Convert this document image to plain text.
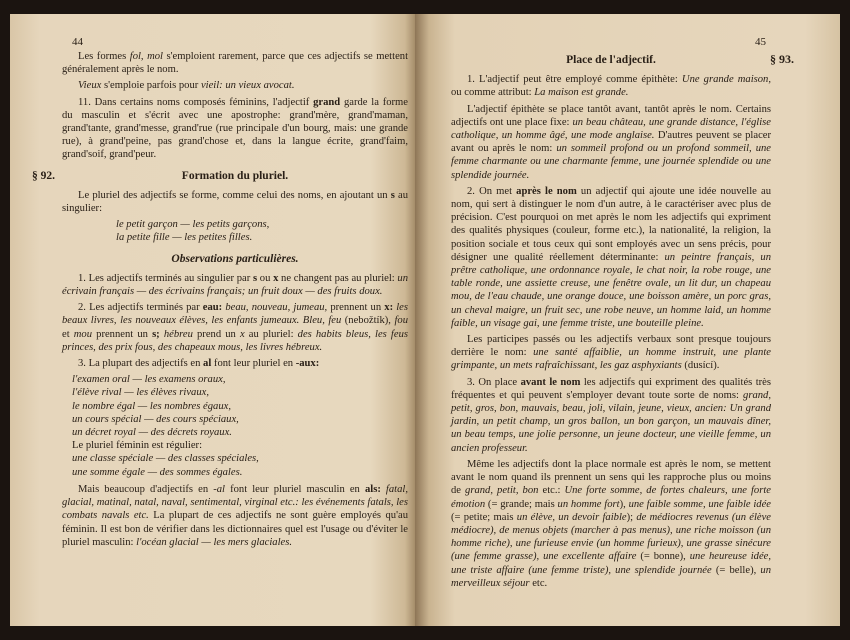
44

Les formes fol, mol s'emploient rarement, parce que ces adjectifs se mettent généralement après le nom.

Vieux s'emploie parfois pour vieil: un vieux avocat.

11. Dans certains noms composés féminins, l'adjectif grand garde la forme du masculin et s'écrit avec une apostrophe: grand'mère, grand'maman, grand'tante, grand'messe, grand'rue (rue principale d'un bourg, mais: une grande rue), à grand'peine, pas grand'chose et, dans la langue écrite, grand'faim, grand'soif, grand'peur.

§ 92.	Formation du pluriel.

Le pluriel des adjectifs se forme, comme celui des noms, en ajoutant un s au singulier:

le petit garçon — les petits garçons,
la petite fille — les petites filles.
Observations particulières.

1. Les adjectifs terminés au singulier par s ou x ne changent pas au pluriel: un écrivain français — des écrivains français; un fruit doux — des fruits doux.

2. Les adjectifs terminés par eau: beau, nouveau, jumeau, prennent un x: les beaux livres, les nouveaux élèves, les enfants jumeaux. Bleu, feu (nebožtík), fou et mou prennent un s; hébreu prend un x au pluriel: des habits bleus, les feus princes, des prix fous, des chapeaux mous, les livres hébreux.

3. La plupart des adjectifs en al font leur pluriel en -aux:

l'examen oral — les examens oraux,
l'élève rival — les élèves rivaux,
le nombre égal — les nombres égaux,
un cours spécial — des cours spéciaux,
un décret royal — des décrets royaux.
Le pluriel féminin est régulier:
une classe spéciale — des classes spéciales,
une somme égale — des sommes égales.

Mais beaucoup d'adjectifs en -al font leur pluriel masculin en als: fatal, glacial, matinal, natal, naval, sentimental, virginal etc.: les événements fatals, les combats navals etc. La plupart de ces adjectifs ne sont guère employés qu'au féminin. Il est bon de vérifier dans les dictionnaires quel est l'usage ou d'éviter le pluriel masculin: l'océan glacial — les mers glaciales.

45
§ 93.
Place de l'adjectif.

1. L'adjectif peut être employé comme épithète: Une grande maison, ou comme attribut: La maison est grande.

L'adjectif épithète se place tantôt avant, tantôt après le nom. Certains adjectifs ont une place fixe: un beau château, une grande distance, l'église catholique, un homme âgé, une mode anglaise. D'autres peuvent se placer avant ou après le nom: un sommeil profond ou un profond sommeil, une femme charmante ou une charmante femme, une journée splendide ou une splendide journée.

2. On met après le nom un adjectif qui ajoute une idée nouvelle au nom, qui sert à distinguer le nom d'un autre, à le caractériser avec plus de précision. C'est pourquoi on met après le nom les adjectifs qui expriment des qualités physiques (couleur, forme etc.), la nationalité, la religion, la position sociale et tous ceux qui sont employés avec un sens précis, pour désigner une qualité réellement déterminante: un peintre français, un prêtre catholique, une ordonnance royale, le chat noir, la robe rouge, une table ronde, une assiette creuse, une fenêtre ovale, un lit dur, un chapeau mou, de l'eau chaude, une orange douce, une boisson amère, un porc gras, un cheval maigre, un fruit sec, une robe neuve, un homme laid, un homme faible, un visage gai, une femme triste, une bouteille pleine.

Les participes passés ou les adjectifs verbaux sont presque toujours derrière le nom: une santé affaiblie, un homme instruit, une plante grimpante, un mets rafraîchissant, les gaz asphyxiants (dusící).

3. On place avant le nom les adjectifs qui expriment des qualités très fréquentes et qui peuvent s'employer devant toute sorte de noms: grand, petit, gros, bon, mauvais, beau, joli, vilain, jeune, vieux, ancien: Un grand jardin, un petit champ, un gros ballon, un bon garçon, un mauvais dîner, un beau temps, une jolie personne, un jeune docteur, une vieille femme, un ancien professeur.

Même les adjectifs dont la place normale est après le nom, se mettent avant le nom quand ils prennent un sens qui les rapproche plus ou moins de grand, petit, bon etc.: Une forte somme, de fortes chaleurs, une forte émotion (= grande; mais un homme fort), une faible somme, une faible idée (= petite; mais un élève, un devoir faible); de médiocres revenus (un élève médiocre), de menus objets (marcher à pas menus), une riche moisson (un homme riche), une furieuse envie (un homme furieux), une grasse sinécure (une femme grasse), une excellente affaire (= bonne), une heureuse idée, une triste affaire (une femme triste), une splendide journée (= belle), un merveilleux séjour etc.
